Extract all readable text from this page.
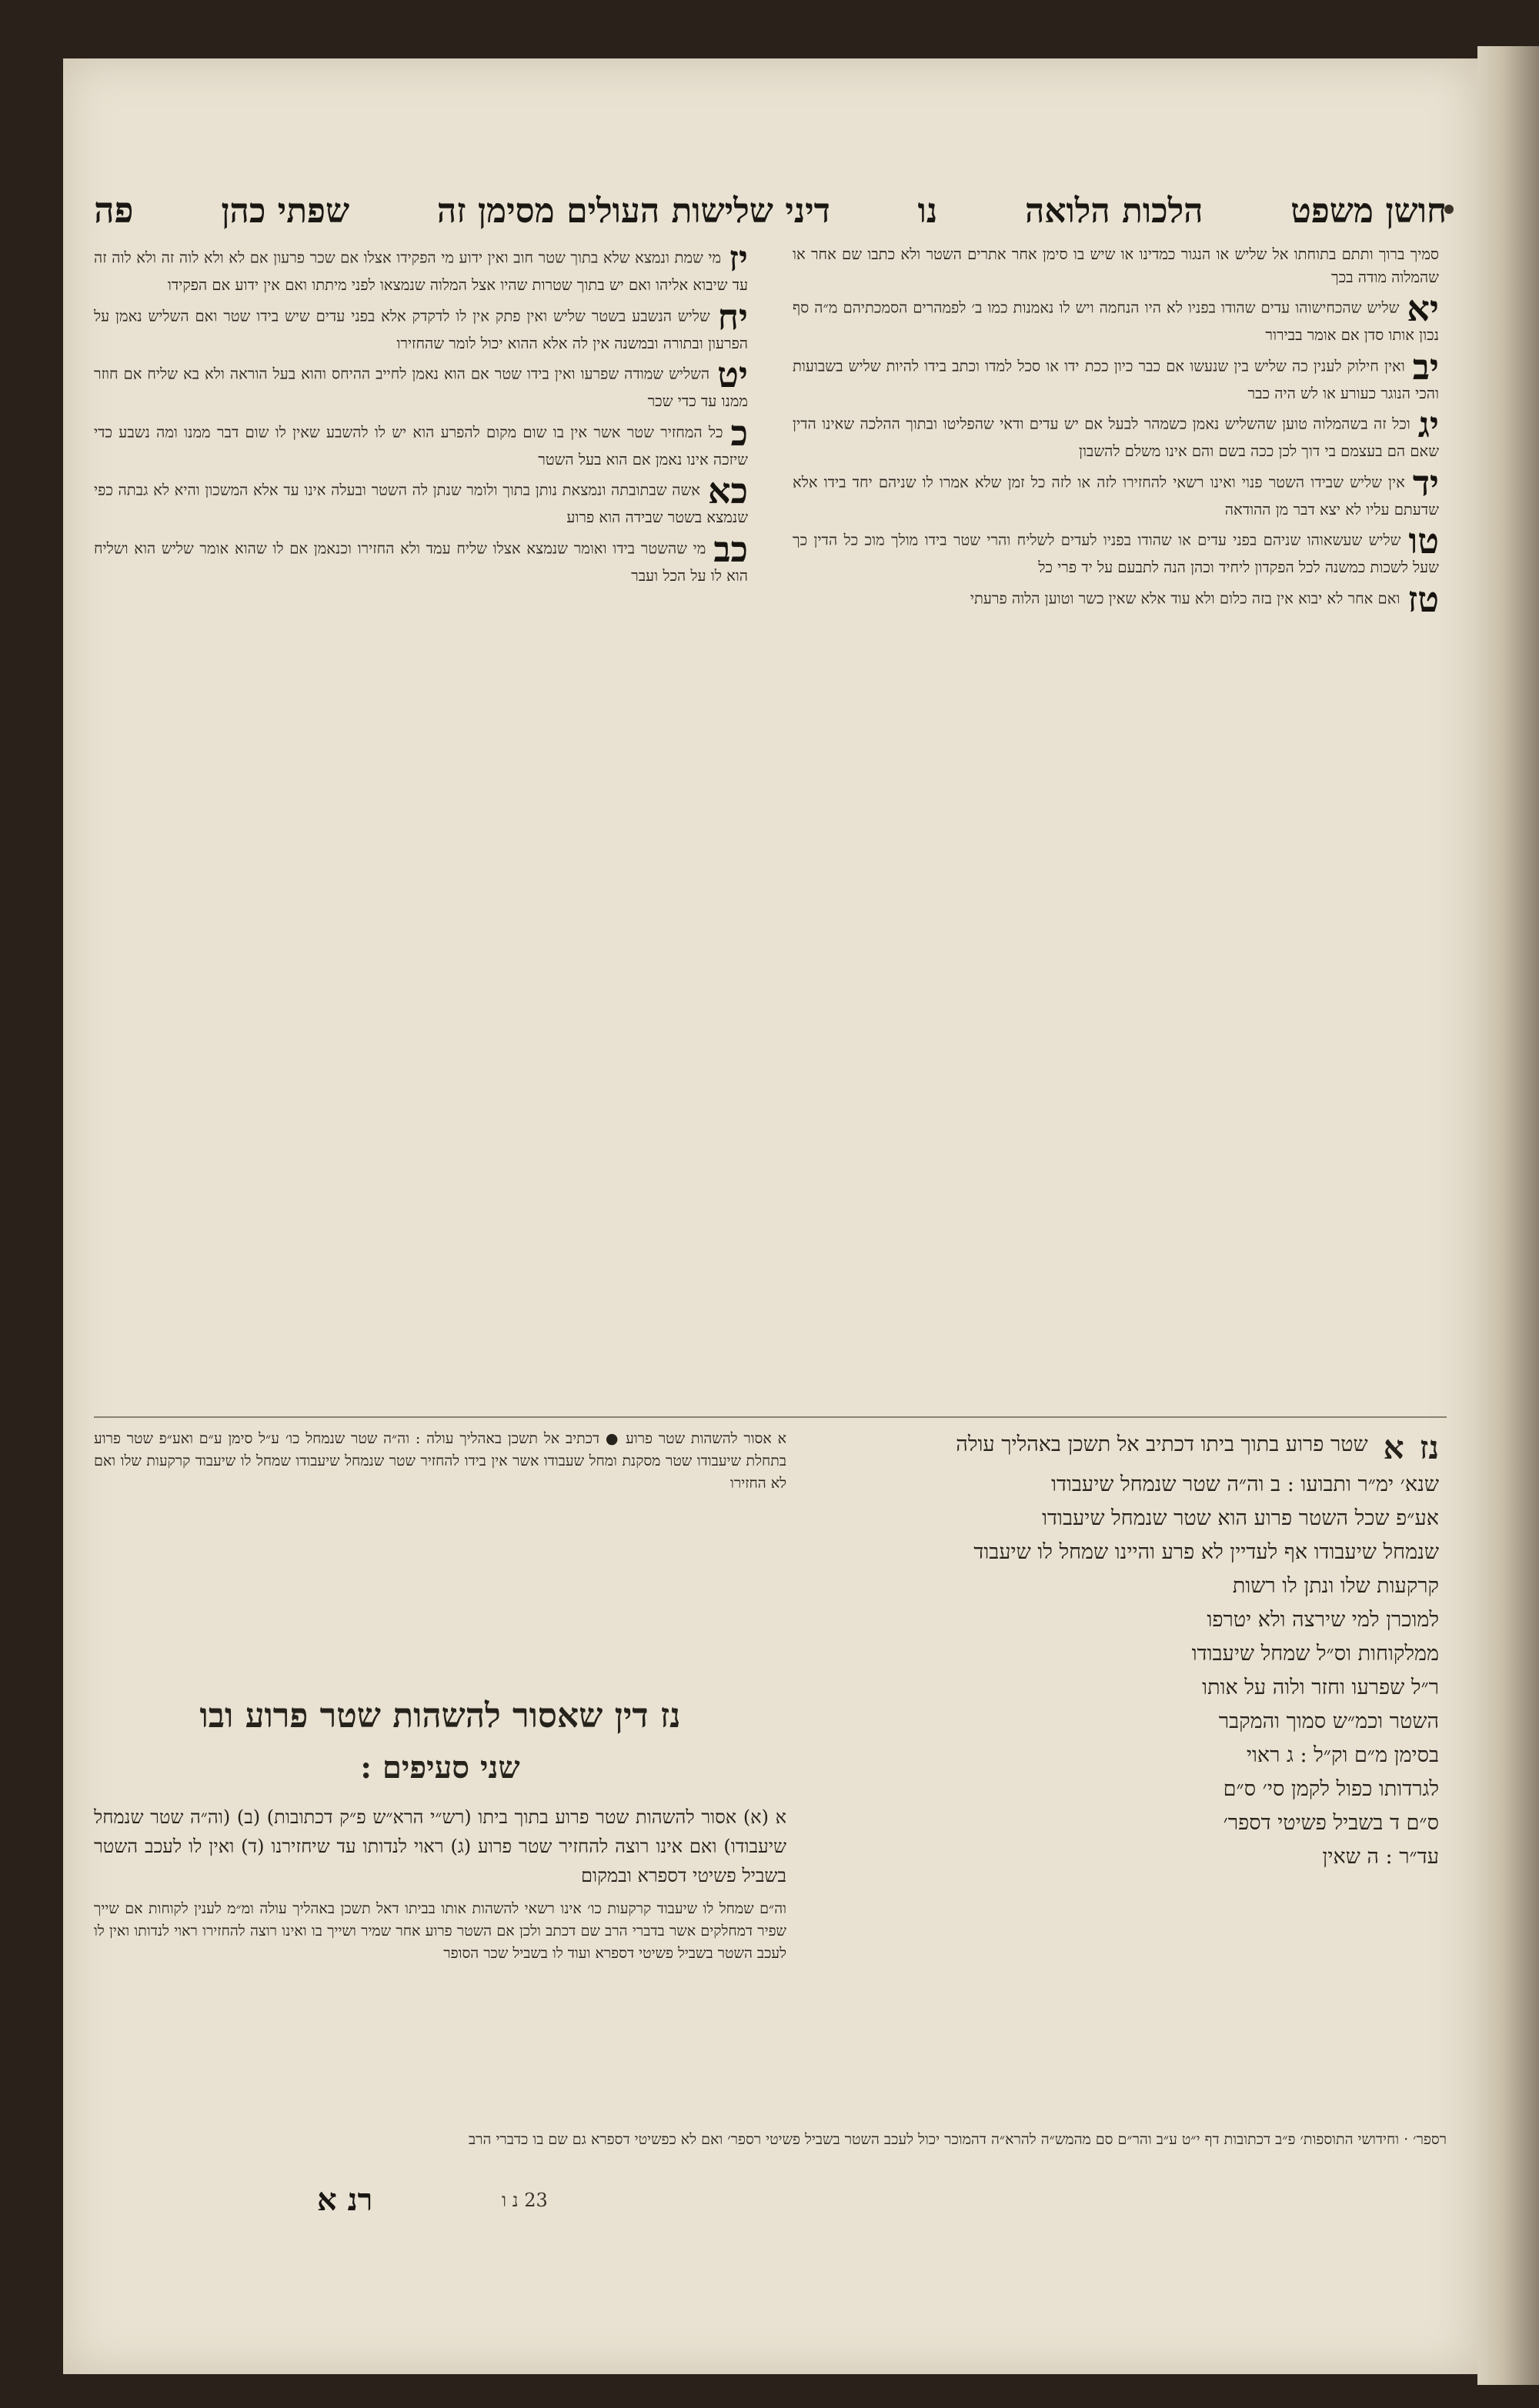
חושן משפט
הלכות הלואה
נו
דיני שלישות העולים מסימן זה
שפתי כהן
פה

סמיך ברוך ותתם בתוחתו אל שליש או הנגור כמדינו או שיש בו סימן אחר אתרים השטר ולא כתבו שם אחר או שהמלוה מודה בכך

יאשליש שהכחישוהו עדים שהודו בפניו לא היו הנחמה ויש לו נאמנות כמו ב׳ לפמהרים הסמכתיהם מ״ה סף נכון אותו סדן אם אומר בבירור

יבואין חילוק לענין כה שליש בין שנעשו אם כבר כיון ככת ידו או סכל למדו וכתב בידו להיות שליש בשבועות והכי הנוגר כעורע או לש היה כבר

יגוכל זה בשהמלוה טוען שהשליש נאמן כשמהר לבעל אם יש עדים ודאי שהפליטו ובתוך ההלכה שאינו הדין שאם הם בעצמם בי דוך לכן ככה בשם והם אינו משלם להשבון

ידאין שליש שבידו השטר פנוי ואינו רשאי להחזירו לזה או לזה כל זמן שלא אמרו לו שניהם יחד בידו אלא שדעתם עליו לא יצא דבר מן ההודאה

טושליש שעשאוהו שניהם בפני עדים או שהודו בפניו לעדים לשליח והרי שטר בידו מולך מוכ כל הדין כך שעל לשכות כמשנה לכל הפקדון ליחיד וכהן הנה לתבעם על יד פרי כל

טזואם אחר לא יבוא אין בזה כלום ולא עוד אלא שאין כשר וטוען הלוה פרעתי

יזמי שמת ונמצא שלא בתוך שטר חוב ואין ידוע מי הפקידו אצלו אם שכר פרעון אם לא ולא לוה זה ולא לוה זה עד שיבוא אליהו ואם יש בתוך שטרות שהיו אצל המלוה שנמצאו לפני מיתתו ואם אין ידוע אם הפקידו

יחשליש הנשבע בשטר שליש ואין פתק אין לו לדקדק אלא בפני עדים שיש בידו שטר ואם השליש נאמן על הפרעון ובתורה ובמשנה אין לה אלא ההוא יכול לומר שהחזירו

יטהשליש שמודה שפרעו ואין בידו שטר אם הוא נאמן לחייב ההיחס והוא בעל הוראה ולא בא שליח אם חוזר ממנו עד כדי שכר

ככל המחזיר שטר אשר אין בו שום מקום להפרע הוא יש לו להשבע שאין לו שום דבר ממנו ומה נשבע כדי שיזכה אינו נאמן אם הוא בעל השטר

כאאשה שבתובתה ונמצאת נותן בתוך ולומר שנתן לה השטר ובעלה אינו עד אלא המשכון והיא לא גבתה כפי שנמצא בשטר שבידה הוא פרוע

כבמי שהשטר בידו ואומר שנמצא אצלו שליח עמד ולא החזירו וכנאמן אם לו שהוא אומר שליש הוא ושליח הוא לו על הכל ועבר

נז
א
שטר פרוע בתוך ביתו דכתיב אל תשכן באהליך עולה
שנא׳ ימ״ר ותבועו : ב וה״ה שטר שנמחל שיעבודו
אע״פ שכל השטר פרוע הוא שטר שנמחל שיעבודו
שנמחל שיעבודו אף לעדיין לא פרע והיינו שמחל לו שיעבוד
קרקעות שלו ונתן לו רשות
למוכרן למי שירצה ולא יטרפו
ממלקוחות וס״ל שמחל שיעבודו
ר״ל שפרעו וחזר ולוה על אותו
השטר וכמ״ש סמוך והמקבר
בסימן מ״ם וק״ל : ג ראוי
לגרדותו כפול לקמן סי׳ ס״ם
ס״ם ד בשביל פשיטי דספר׳
עד״ר : ה שאין
א אסור להשהות שטר פרוע ● דכתיב אל תשכן באהליך עולה : וה״ה שטר שנמחל כו׳ ע״ל סימן ע״ם ואע״פ שטר פרוע בתחלת שיעבודו שטר מסקנת ומחל שעבודו אשר אין בידו להחזיר שטר שנמחל שיעבודו שמחל לו שיעבוד קרקעות שלו ואם לא החזירו
נז דין שאסור להשהות שטר פרוע ובו
שני סעיפים :
א (א) אסור להשהות שטר פרוע בתוך ביתו (רש״י הרא״ש פ״ק דכתובות) (ב) (וה״ה שטר שנמחל שיעבודו) ואם אינו רוצה להחזיר שטר פרוע (ג) ראוי לנדותו עד שיחזירנו (ד) ואין לו לעכב השטר בשביל פשיטי דספרא ובמקום
וה״ם שמחל לו שיעבוד קרקעות כו׳ אינו רשאי להשהות אותו בביתו דאל תשכן באהליך עולה ומ״מ לענין לקוחות אם שייך שפיר דמחלקים אשר בדברי הרב שם דכתב ולכן אם השטר פרוע אחר שמיר ושייך בו ואינו רוצה להחזירו ראוי לנדותו ואין לו לעכב השטר בשביל פשיטי דספרא ועוד לו בשביל שכר הסופר
רספר׳ · וחידושי התוספות׳ פ״ב דכתובות דף י״ט ע״ב והר״ם סם מהמש״ה להרא״ה דהמוכר יכול לעכב השטר בשביל פשיטי רספר׳ ואם לא כפשיטי דספרא גם שם בו כדברי הרב
רנ א	23 נ ו
